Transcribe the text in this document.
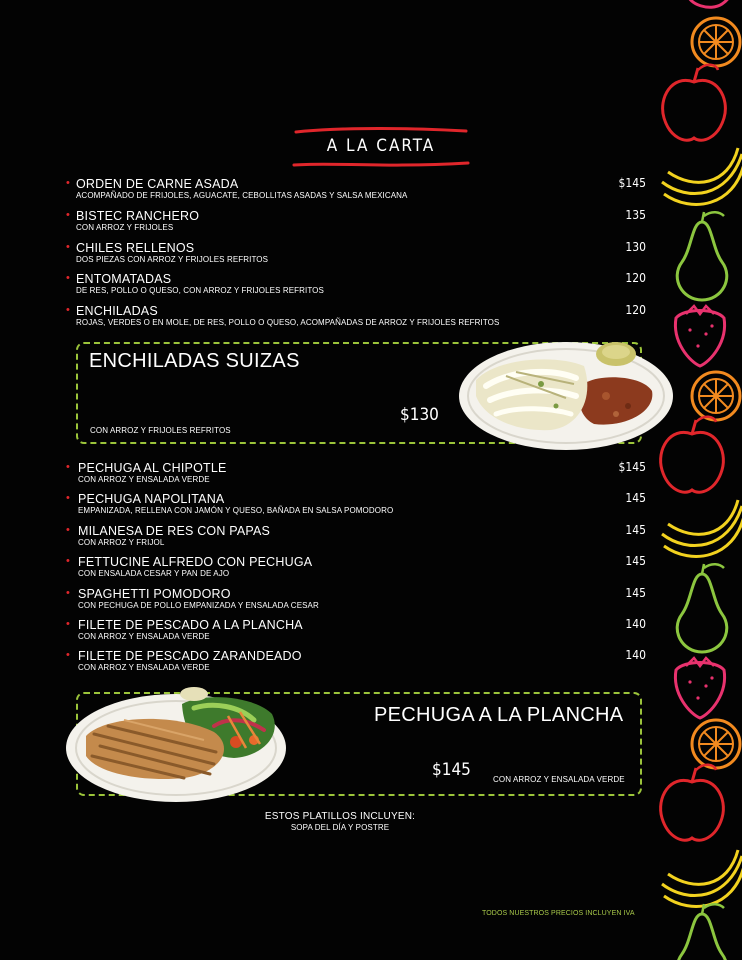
A LA CARTA
• ORDEN DE CARNE ASADA
ACOMPAÑADO DE FRIJOLES, AGUACATE, CEBOLLITAS ASADAS Y SALSA MEXICANA
$145
• BISTEC RANCHERO
CON ARROZ Y FRIJOLES
135
• CHILES RELLENOS
DOS PIEZAS CON ARROZ Y FRIJOLES REFRITOS
130
• ENTOMATADAS
DE RES, POLLO O QUESO, CON ARROZ Y FRIJOLES REFRITOS
120
• ENCHILADAS
ROJAS, VERDES O EN MOLE, DE RES, POLLO O QUESO, ACOMPAÑADAS DE ARROZ Y FRIJOLES REFRITOS
120
ENCHILADAS SUIZAS
$130
CON ARROZ Y FRIJOLES REFRITOS
• PECHUGA AL CHIPOTLE
CON ARROZ Y ENSALADA VERDE
$145
• PECHUGA NAPOLITANA
EMPANIZADA, RELLENA CON JAMÓN Y QUESO, BAÑADA EN SALSA POMODORO
145
• MILANESA DE RES CON PAPAS
CON ARROZ Y FRIJOL
145
• FETTUCINE ALFREDO CON PECHUGA
CON ENSALADA CESAR Y PAN DE AJO
145
• SPAGHETTI POMODORO
CON PECHUGA DE POLLO EMPANIZADA Y ENSALADA CESAR
145
• FILETE DE PESCADO A LA PLANCHA
CON ARROZ Y ENSALADA VERDE
140
• FILETE DE PESCADO ZARANDEADO
CON ARROZ Y ENSALADA VERDE
140
PECHUGA A LA PLANCHA
$145	CON ARROZ Y ENSALADA VERDE
ESTOS PLATILLOS INCLUYEN:
SOPA DEL DÍA Y POSTRE
TODOS NUESTROS PRECIOS INCLUYEN IVA
